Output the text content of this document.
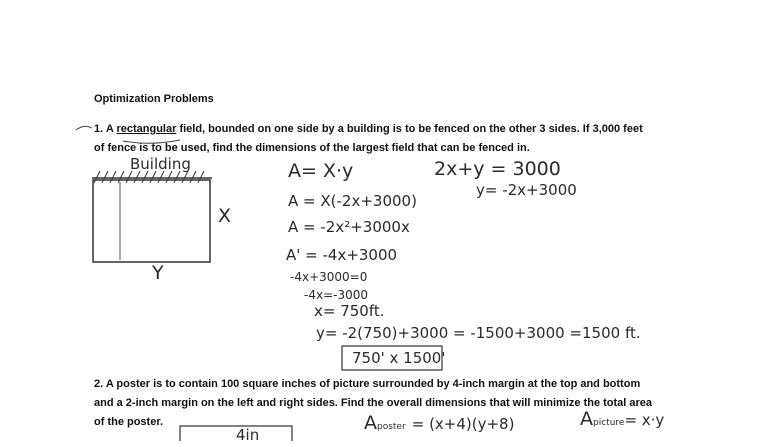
Optimization Problems
1. A rectangular field, bounded on one side by a building is to be fenced on the other 3 sides. If 3,000 feet
of fence is to be used, find the dimensions of the largest field that can be fenced in.
Building
X
Y
A= X·y
A = X(-2x+3000)
A = -2x²+3000x
A' = -4x+3000
-4x+3000=0
-4x=-3000
x= 750ft.
y= -2(750)+3000 = -1500+3000 =1500 ft.
750' x 1500'
2x+y = 3000
y= -2x+3000
2. A poster is to contain 100 square inches of picture surrounded by 4-inch margin at the top and bottom
and a 2-inch margin on the left and right sides. Find the overall dimensions that will minimize the total area
of the poster.
4in
Aposter = (x+4)(y+8)	Apicture= x·y
